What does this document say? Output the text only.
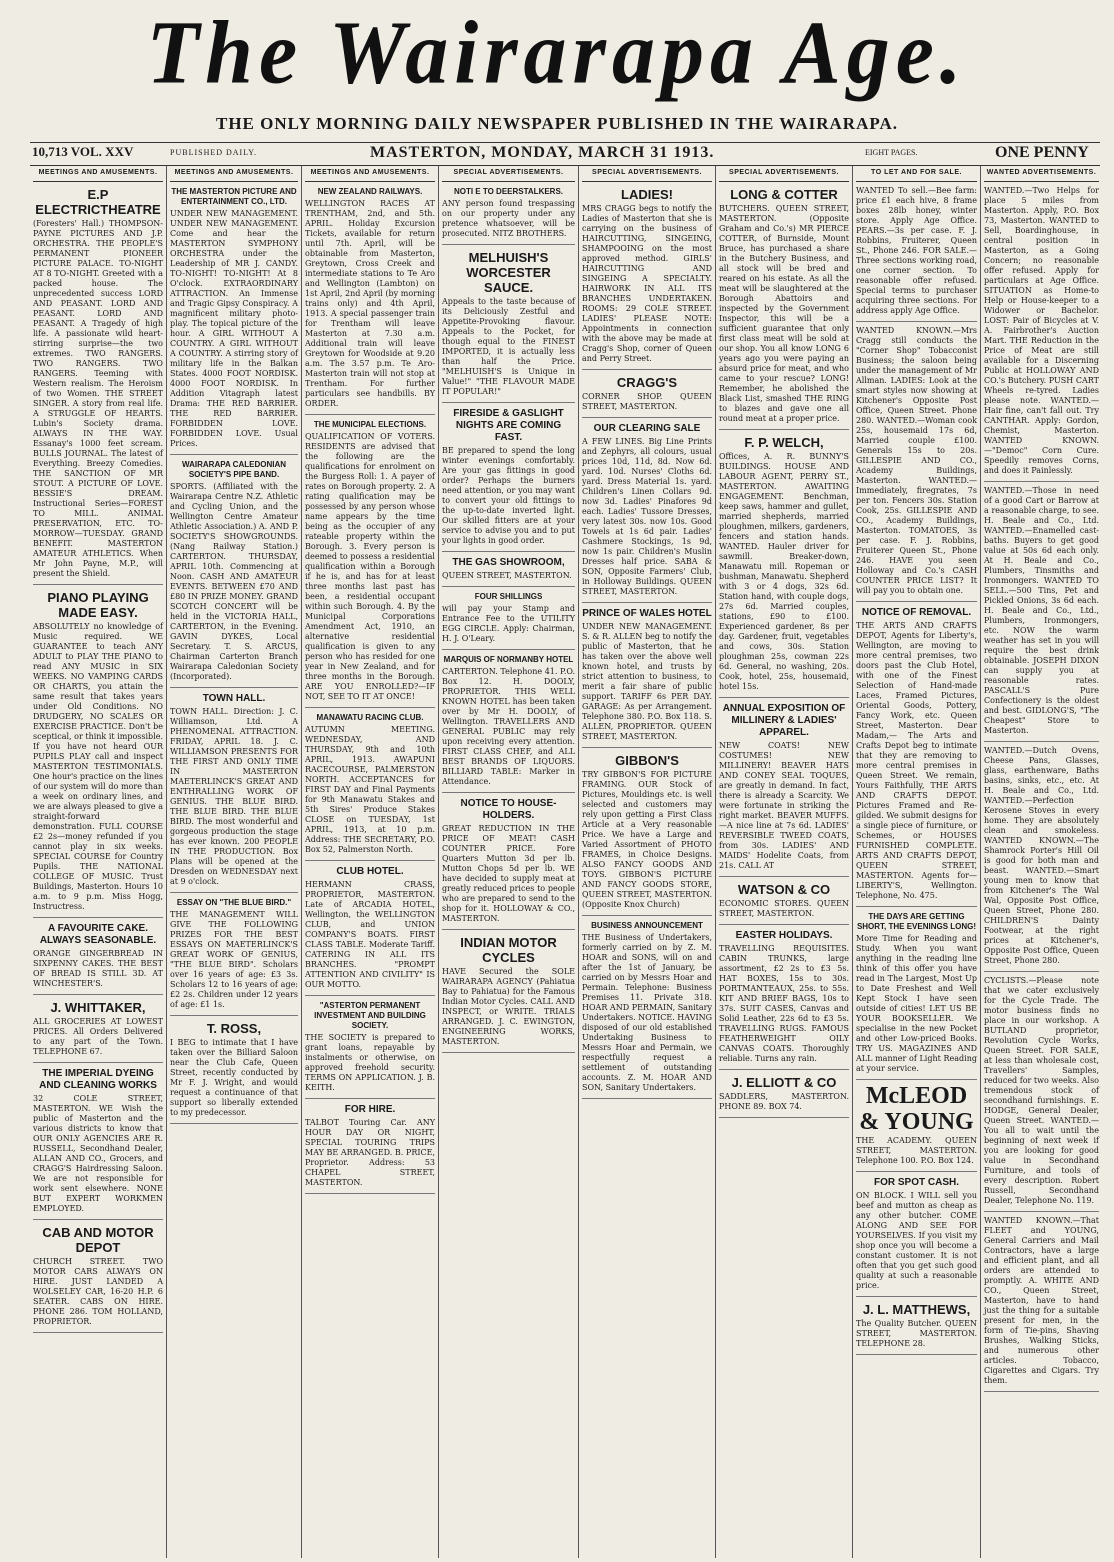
The Wairarapa Age.
THE ONLY MORNING DAILY NEWSPAPER PUBLISHED IN THE WAIRARAPA.
10,713 VOL. XXV	PUBLISHED DAILY.	MASTERTON, MONDAY, MARCH 31 1913.	EIGHT PAGES.	ONE PENNY
MEETINGS AND AMUSEMENTS.
E.P ELECTRICTHEATRE
(Foresters' Hall.) THOMPSON-PAYNE PICTURES AND J.P. ORCHESTRA. THE PEOPLE'S PERMANENT PIONEER PICTURE PALACE. TO-NIGHT AT 8 TO-NIGHT. Greeted with a packed house. The unprecedented success LORD AND PEASANT. LORD AND PEASANT. LORD AND PEASANT. A Tragedy of high life. A passionate wild heart-stirring surprise—the two extremes. TWO RANGERS. TWO RANGERS. TWO RANGERS. Teeming with Western realism. The Heroism of two Women. THE STREET SINGER. A story from real life. A STRUGGLE OF HEARTS. Lubin's Society drama. ALWAYS IN THE WAY. Essanay's 1000 feet scream. BULLS JOURNAL. The latest of Everything. Breezy Comedies. THE SANCTION OF MR STOUT. A PICTURE OF LOVE. BESSIE'S DREAM. Instructional Series—FOREST TO MILL. ANIMAL PRESERVATION, ETC. TO-MORROW—TUESDAY. GRAND BENEFIT. MASTERTON AMATEUR ATHLETICS. When Mr John Payne, M.P., will present the Shield.
PIANO PLAYING MADE EASY.
ABSOLUTELY no knowledge of Music required. WE GUARANTEE to teach ANY ADULT to PLAY THE PIANO to read ANY MUSIC in SIX WEEKS. NO VAMPING CARDS OR CHARTS, you attain the same result that takes years under Old Conditions. NO DRUDGERY, NO SCALES OR EXERCISE PRACTICE. Don't be sceptical, or think it impossible. If you have not heard OUR PUPILS PLAY call and inspect MASTERTON TESTIMONIALS. One hour's practice on the lines of our system will do more than a week on ordinary lines, and we are always pleased to give a straight-forward demonstration. FULL COURSE £2 2s—money refunded if you cannot play in six weeks. SPECIAL COURSE for Country Pupils. THE NATIONAL COLLEGE OF MUSIC. Trust Buildings, Masterton. Hours 10 a.m. to 9 p.m. Miss Hogg, Instructress.
A FAVOURITE CAKE. ALWAYS SEASONABLE.
ORANGE GINGERBREAD IN SIXPENNY CAKES. THE BEST OF BREAD IS STILL 3D. AT WINCHESTER'S.
J. WHITTAKER,
ALL GROCERIES AT LOWEST PRICES. All Orders Delivered to any part of the Town. TELEPHONE 67.
THE IMPERIAL DYEING AND CLEANING WORKS
32 COLE STREET, MASTERTON. WE Wish the public of Masterton and the various districts to know that OUR ONLY AGENCIES ARE R. RUSSELL, Secondhand Dealer, ALLAN AND CO., Grocers, and CRAGG'S Hairdressing Saloon. We are not responsible for work sent elsewhere. NONE BUT EXPERT WORKMEN EMPLOYED.
CAB AND MOTOR DEPOT
CHURCH STREET. TWO MOTOR CARS ALWAYS ON HIRE. JUST LANDED A WOLSELEY CAR, 16-20 H.P. 6 SEATER. CABS ON HIRE. PHONE 286. TOM HOLLAND, PROPRIETOR.
MEETINGS AND AMUSEMENTS.
THE MASTERTON PICTURE AND ENTERTAINMENT CO., LTD.
UNDER NEW MANAGEMENT. UNDER NEW MANAGEMENT. Come and hear the MASTERTON SYMPHONY ORCHESTRA under the Leadership of MR J. CANDY. TO-NIGHT! TO-NIGHT! At 8 O'clock. EXTRAORDINARY ATTRACTION. An Immense and Tragic Gipsy Conspiracy. A magnificent military photo-play. The topical picture of the hour. A GIRL WITHOUT A COUNTRY. A GIRL WITHOUT A COUNTRY. A stirring story of military life in the Balkan States. 4000 FOOT NORDISK. 4000 FOOT NORDISK. In Addition Vitagraph latest Drama: THE RED BARRIER. THE RED BARRIER. FORBIDDEN LOVE. FORBIDDEN LOVE. Usual Prices.
WAIRARAPA CALEDONIAN SOCIETY'S PIPE BAND.
SPORTS. (Affiliated with the Wairarapa Centre N.Z. Athletic and Cycling Union, and the Wellington Centre Amateur Athletic Association.) A. AND P. SOCIETY'S SHOWGROUNDS. (Nang Railway Station.) CARTERTON. THURSDAY, APRIL 10th. Commencing at Noon. CASH AND AMATEUR EVENTS. BETWEEN £70 AND £80 IN PRIZE MONEY. GRAND SCOTCH CONCERT will be held in the VICTORIA HALL, CARTERTON, in the Evening. GAVIN DYKES, Local Secretary. T. S. ARCUS, Chairman Carterton Branch Wairarapa Caledonian Society (Incorporated).
TOWN HALL.
TOWN HALL. Direction: J. C. Williamson, Ltd. A PHENOMENAL ATTRACTION. FRIDAY, APRIL 18. J. C. WILLIAMSON PRESENTS FOR THE FIRST AND ONLY TIME IN MASTERTON MAETERLINCK'S GREAT AND ENTHRALLING WORK OF GENIUS. THE BLUE BIRD. THE BLUE BIRD. THE BLUE BIRD. The most wonderful and gorgeous production the stage has ever known. 200 PEOPLE IN THE PRODUCTION. Box Plans will be opened at the Dresden on WEDNESDAY next at 9 o'clock.
ESSAY ON "THE BLUE BIRD."
THE MANAGEMENT WILL GIVE THE FOLLOWING PRIZES FOR THE BEST ESSAYS ON MAETERLINCK'S GREAT WORK OF GENIUS, "THE BLUE BIRD". Scholars over 16 years of age: £3 3s. Scholars 12 to 16 years of age: £2 2s. Children under 12 years of age: £1 1s.
T. ROSS,
I BEG to intimate that I have taken over the Billiard Saloon near the Club Cafe, Queen Street, recently conducted by Mr F. J. Wright, and would request a continuance of that support so liberally extended to my predecessor.
MEETINGS AND AMUSEMENTS.
NEW ZEALAND RAILWAYS.
WELLINGTON RACES AT TRENTHAM, 2nd, and 5th. APRIL. Holiday Excursion Tickets, available for return until 7th. April, will be obtainable from Masterton, Greytown, Cross Creek and intermediate stations to Te Aro and Wellington (Lambton) on 1st April, 2nd April (by morning trains only) and 4th April, 1913. A special passenger train for Trentham will leave Masterton at 7.30 a.m. Additional train will leave Greytown for Woodside at 9.20 a.m. The 3.57 p.m. Te Aro-Masterton train will not stop at Trentham. For further particulars see handbills. BY ORDER.
THE MUNICIPAL ELECTIONS.
QUALIFICATION OF VOTERS. RESIDENTS are advised that the following are the qualifications for enrolment on the Burgess Roll: 1. A payer of rates on Borough property. 2. A rating qualification may be possessed by any person whose name appears by the time being as the occupier of any rateable property within the Borough. 3. Every person is deemed to possess a residential qualification within a Borough if he is, and has for at least three months last past has been, a residential occupant within such Borough. 4. By the Municipal Corporations Amendment Act, 1910, an alternative residential qualification is given to any person who has resided for one year in New Zealand, and for three months in the Borough. ARE YOU ENROLLED?—IF NOT, SEE TO IT AT ONCE!
MANAWATU RACING CLUB.
AUTUMN MEETING. WEDNESDAY, AND THURSDAY, 9th and 10th APRIL, 1913. AWAPUNI RACECOURSE, PALMERSTON NORTH. ACCEPTANCES for FIRST DAY and Final Payments for 9th Manawatu Stakes and 5th Sires' Produce Stakes CLOSE on TUESDAY, 1st APRIL, 1913, at 10 p.m. Address: THE SECRETARY, P.O. Box 52, Palmerston North.
CLUB HOTEL.
HERMANN CRASS, PROPRIETOR, MASTERTON. Late of ARCADIA HOTEL, Wellington, the WELLINGTON CLUB, and UNION COMPANY'S BOATS. FIRST CLASS TABLE. Moderate Tariff. CATERING IN ALL ITS BRANCHES. "PROMPT ATTENTION AND CIVILITY" IS OUR MOTTO.
"ASTERTON PERMANENT INVESTMENT AND BUILDING SOCIETY.
THE SOCIETY is prepared to grant loans, repayable by instalments or otherwise, on approved freehold security. TERMS ON APPLICATION. J. B. KEITH.
FOR HIRE.
TALBOT Touring Car. ANY HOUR DAY OR NIGHT, SPECIAL TOURING TRIPS MAY BE ARRANGED. B. PRICE, Proprietor. Address: 53 CHAPEL STREET, MASTERTON.
SPECIAL ADVERTISEMENTS.
NOTI E TO DEERSTALKERS.
ANY person found trespassing on our property under any pretence whatsoever, will be prosecuted. NITZ BROTHERS.
MELHUISH'S WORCESTER SAUCE.
Appeals to the taste because of its Deliciously Zestful and Appetite-Provoking flavour. Appeals to the Pocket, for though equal to the FINEST IMPORTED, it is actually less than half the Price. "MELHUISH'S is Unique in Value!" "THE FLAVOUR MADE IT POPULAR!"
FIRESIDE & GASLIGHT NIGHTS ARE COMING FAST.
BE prepared to spend the long winter evenings comfortably. Are your gas fittings in good order? Perhaps the burners need attention, or you may want to convert your old fittings to the up-to-date inverted light. Our skilled fitters are at your service to advise you and to put your lights in good order.
THE GAS SHOWROOM,
QUEEN STREET, MASTERTON.
FOUR SHILLINGS
will pay your Stamp and Entrance Fee to the UTILITY EGG CIRCLE. Apply: Chairman, H. J. O'Leary.
MARQUIS OF NORMANBY HOTEL
CARTERTON. Telephone 41. P.O. Box 12. H. DOOLY, PROPRIETOR. THIS WELL KNOWN HOTEL has been taken over by Mr H. DOOLY, of Wellington. TRAVELLERS AND GENERAL PUBLIC may rely upon receiving every attention. FIRST CLASS CHEF, and ALL BEST BRANDS OF LIQUORS. BILLIARD TABLE: Marker in Attendance.
NOTICE TO HOUSE-HOLDERS.
GREAT REDUCTION IN THE PRICE OF MEAT! CASH COUNTER PRICE. Fore Quarters Mutton 3d per lb. Mutton Chops 5d per lb. WE have decided to supply meat at greatly reduced prices to people who are prepared to send to the shop for it. HOLLOWAY & CO., MASTERTON.
INDIAN MOTOR CYCLES
HAVE Secured the SOLE WAIRARAPA AGENCY (Pahiatua Bay to Pahiatua) for the Famous Indian Motor Cycles. CALL AND INSPECT, or WRITE. TRIALS ARRANGED. J. C. EWINGTON, ENGINEERING WORKS, MASTERTON.
SPECIAL ADVERTISEMENTS.
LADIES!
MRS CRAGG begs to notify the Ladies of Masterton that she is carrying on the business of HAIRCUTTING, SINGEING, SHAMPOOING on the most approved method. GIRLS' HAIRCUTTING AND SINGEING A SPECIALTY. HAIRWORK IN ALL ITS BRANCHES UNDERTAKEN. ROOMS: 29 COLE STREET. LADIES' PLEASE NOTE: Appointments in connection with the above may be made at Cragg's Shop, corner of Queen and Perry Street.
CRAGG'S
CORNER SHOP. QUEEN STREET, MASTERTON.
OUR CLEARING SALE
A FEW LINES. Big Line Prints and Zephyrs, all colours, usual prices 10d, 11d, 8d. Now 6d. yard. 10d. Nurses' Cloths 6d. yard. Dress Material 1s. yard. Children's Linen Collars 9d. now 3d. Ladies' Pinafores 9d each. Ladies' Tussore Dresses, very latest 30s. now 10s. Good Towels at 1s 6d pair. Ladies' Cashmere Stockings, 1s 9d, now 1s pair. Children's Muslin Dresses half price. SABA & SON, Opposite Farmers' Club, in Holloway Buildings. QUEEN STREET, MASTERTON.
PRINCE OF WALES HOTEL
UNDER NEW MANAGEMENT. S. & R. ALLEN beg to notify the public of Masterton, that he has taken over the above well known hotel, and trusts by strict attention to business, to merit a fair share of public support. TARIFF 6s PER DAY. GARAGE: As per Arrangement. Telephone 380. P.O. Box 118. S. ALLEN, PROPRIETOR. QUEEN STREET, MASTERTON.
GIBBON'S
TRY GIBBON'S FOR PICTURE FRAMING. OUR Stock of Pictures, Mouldings etc. is well selected and customers may rely upon getting a First Class Article at a Very reasonable Price. We have a Large and Varied Assortment of PHOTO FRAMES, in Choice Designs. ALSO FANCY GOODS AND TOYS. GIBBON'S PICTURE AND FANCY GOODS STORE, QUEEN STREET, MASTERTON. (Opposite Knox Church)
BUSINESS ANNOUNCEMENT
THE Business of Undertakers, formerly carried on by Z. M. HOAR and SONS, will on and after the 1st of January, be carried on by Messrs Hoar and Permain. Telephone: Business Premises 11. Private 318. HOAR AND PERMAIN, Sanitary Undertakers. NOTICE. HAVING disposed of our old established Undertaking Business to Messrs Hoar and Permain, we respectfully request a settlement of outstanding accounts. Z. M. HOAR AND SON, Sanitary Undertakers.
SPECIAL ADVERTISEMENTS.
LONG & COTTER
BUTCHERS. QUEEN STREET, MASTERTON. (Opposite Graham and Co.'s) MR PIERCE COTTER, of Burnside, Mount Bruce, has purchased a share in the Butchery Business, and all stock will be bred and reared on his estate. As all the meat will be slaughtered at the Borough Abattoirs and inspected by the Government Inspector, this will be a sufficient guarantee that only first class meat will be sold at our shop. You all know LONG 6 years ago you were paying an absurd price for meat, and who came to your rescue? LONG! Remember, he abolished the Black List, smashed THE RING to blazes and gave one all round meat at a proper price.
F. P. WELCH,
Offices, A. R. BUNNY'S BUILDINGS. HOUSE AND LABOUR AGENT, PERRY ST., MASTERTON. AWAITING ENGAGEMENT. Benchman, keep saws, hammer and gullet, married shepherds, married ploughmen, milkers, gardeners, fencers and station hands. WANTED. Hauler driver for sawmill. Breaker-down, Manawatu mill. Ropeman or bushman, Manawatu. Shepherd with 3 or 4 dogs, 32s 6d. Station hand, with couple dogs, 27s 6d. Married couples, stations, £90 to £100. Experienced gardener, 8s per day. Gardener, fruit, vegetables and cows, 30s. Station ploughman 25s, cowman 22s 6d. General, no washing, 20s. Cook, hotel, 25s, housemaid, hotel 15s.
ANNUAL EXPOSITION OF MILLINERY & LADIES' APPAREL.
NEW COATS! NEW COSTUMES! NEW MILLINERY! BEAVER HATS AND CONEY SEAL TOQUES, are greatly in demand. In fact, there is already a Scarcity. We were fortunate in striking the right market. BEAVER MUFFS.—A nice line at 7s 6d. LADIES' REVERSIBLE TWEED COATS, from 30s. LADIES' AND MAIDS' Hodelite Coats, from 21s. CALL AT
WATSON & CO
ECONOMIC STORES. QUEEN STREET, MASTERTON.
EASTER HOLIDAYS.
TRAVELLING REQUISITES. CABIN TRUNKS, large assortment, £2 2s to £3 5s. HAT BOXES, 15s to 30s. PORTMANTEAUX, 25s. to 55s. KIT AND BRIEF BAGS, 10s to 37s. SUIT CASES, Canvas and Solid Leather, 22s 6d to £3 5s. TRAVELLING RUGS. FAMOUS FEATHERWEIGHT OILY CANVAS COATS. Thoroughly reliable. Turns any rain.
J. ELLIOTT & CO
SADDLERS, MASTERTON. PHONE 89. BOX 74.
TO LET AND FOR SALE.
WANTED To sell.—Bee farm: price £1 each hive, 8 frame boxes 28lb honey, winter store. Apply Age Office. PEARS.—3s per case. F. J. Robbins, Fruiterer, Queen St., Phone 246. FOR SALE.—Three sections working road, one corner section. To reasonable offer refused. Special terms to purchaser acquiring three sections. For address apply Age Office.
WANTED KNOWN.—Mrs Cragg still conducts the "Corner Shop" Tobacconist Business; the saloon being under the management of Mr Allman. LADIES: Look at the smart styles now showing at Kitchener's Opposite Post Office, Queen Street. Phone 280. WANTED.—Woman cook 25s, housemaid 17s 6d, Married couple £100. Generals 15s to 20s. GILLESPIE AND CO., Academy Buildings, Masterton. WANTED.—Immediately, firegrates, 7s per ton. Fencers 30s. Station Cook, 25s. GILLESPIE AND CO., Academy Buildings, Masterton. TOMATOES, 3s per case. F. J. Robbins, Fruiterer Queen St., Phone 246. HAVE you seen Holloway and Co.'s CASH COUNTER PRICE LIST? It will pay you to obtain one.
NOTICE OF REMOVAL.
THE ARTS AND CRAFTS DEPOT, Agents for Liberty's, Wellington, are moving to more central premises, two doors past the Club Hotel, with one of the Finest Selection of Hand-made Laces, Framed Pictures, Oriental Goods, Pottery, Fancy Work, etc. Queen Street, Masterton. Dear Madam,— The Arts and Crafts Depot beg to intimate that they are removing to more central premises in Queen Street. We remain, Yours Faithfully, THE ARTS AND CRAFTS DEPOT. Pictures Framed and Re-gilded. We submit designs for a single piece of furniture, or Schemes, or HOUSES FURNISHED COMPLETE. ARTS AND CRAFTS DEPOT, QUEEN STREET, MASTERTON. Agents for— LIBERTY'S, Wellington. Telephone, No. 475.
THE DAYS ARE GETTING SHORT, THE EVENINGS LONG!
More Time for Reading and Study. When you want anything in the reading line think of this offer you have read in The Largest, Most Up to Date Freshest and Well Kept Stock I have seen outside of cities! LET US BE YOUR BOOKSELLER. We specialise in the new Pocket and other Low-priced Books. TRY US. MAGAZINES AND ALL manner of Light Reading at your service.
McLEOD & YOUNG
THE ACADEMY. QUEEN STREET, MASTERTON. Telephone 100. P.O. Box 124.
FOR SPOT CASH.
ON BLOCK. I WILL sell you beef and mutton as cheap as any other butcher. COME ALONG AND SEE FOR YOURSELVES. If you visit my shop once you will become a constant customer. It is not often that you get such good quality at such a reasonable price.
J. L. MATTHEWS,
The Quality Butcher. QUEEN STREET, MASTERTON. TELEPHONE 28.
WANTED ADVERTISEMENTS.
WANTED.—Two Helps for place 5 miles from Masterton. Apply, P.O. Box 73, Masterton. WANTED to Sell, Boardinghouse, in central position in Masterton, as a Going Concern; no reasonable offer refused. Apply for particulars at Age Office. SITUATION as Home-to Help or House-keeper to a Widower or Bachelor. LOST: Pair of Bicycles at V. A. Fairbrother's Auction Mart. THE Reduction in the Price of Meat are still available for a Discerning Public at HOLLOWAY AND CO.'s Butchery. PUSH CART Wheels re-tyred. Ladies please note. WANTED.—Hair fine, can't fall out. Try CANTHAR. Apply: Gordon, Chemist, Masterton. WANTED KNOWN.—"Democ" Corn Cure. Speedily removes Corns, and does it Painlessly.
WANTED.—Those in need of a good Cart or Barrow at a reasonable charge, to see. H. Beale and Co., Ltd. WANTED.—Enamelled cast-baths. Buyers to get good value at 50s 6d each only. At H. Beale and Co., Plumbers, Tinsmiths and Ironmongers. WANTED TO SELL.—500 Tins, Pet and Pickled Onions, 3s 6d each. H. Beale and Co., Ltd., Plumbers, Ironmongers, etc. NOW the warm weather has set in you will require the best drink obtainable. JOSEPH DIXON can supply you at reasonable rates. PASCALL'S Pure Confectionery is the oldest and best. GIDLONG'S, "The Cheapest" Store to Masterton.
WANTED.—Dutch Ovens, Cheese Pans, Glasses, glass, earthenware, Baths basins, sinks, etc., etc. At H. Beale and Co., Ltd. WANTED.—Perfection Kerosene Stoves in every home. They are absolutely clean and smokeless. WANTED KNOWN.—The Shamrock Porter's Hill Oil is good for both man and beast. WANTED.—Smart young men to know that from Kitchener's The Wal Wal, Opposite Post Office, Queen Street, Phone 280. CHILDREN'S Dainty Footwear, at the right prices at Kitchener's, Opposite Post Office, Queen Street, Phone 280.
CYCLISTS.—Please note that we cater exclusively for the Cycle Trade. The motor business finds no place in our workshop. A BUTLAND proprietor, Revolution Cycle Works, Queen Street. FOR SALE, at less than wholesale cost, Travellers' Samples, reduced for two weeks. Also tremendous stock of secondhand furnishings. E. HODGE, General Dealer, Queen Street. WANTED.—You all to wait until the beginning of next week if you are looking for good value in Secondhand Furniture, and tools of every description. Robert Russell, Secondhand Dealer, Telephone No. 119.
WANTED KNOWN.—That FLEET and YOUNG, General Carriers and Mail Contractors, have a large and efficient plant, and all orders are attended to promptly. A. WHITE AND CO., Queen Street, Masterton, have to hand just the thing for a suitable present for men, in the form of Tie-pins, Shaving Brushes, Walking Sticks, and numerous other articles. Tobacco, Cigarettes and Cigars. Try them.
